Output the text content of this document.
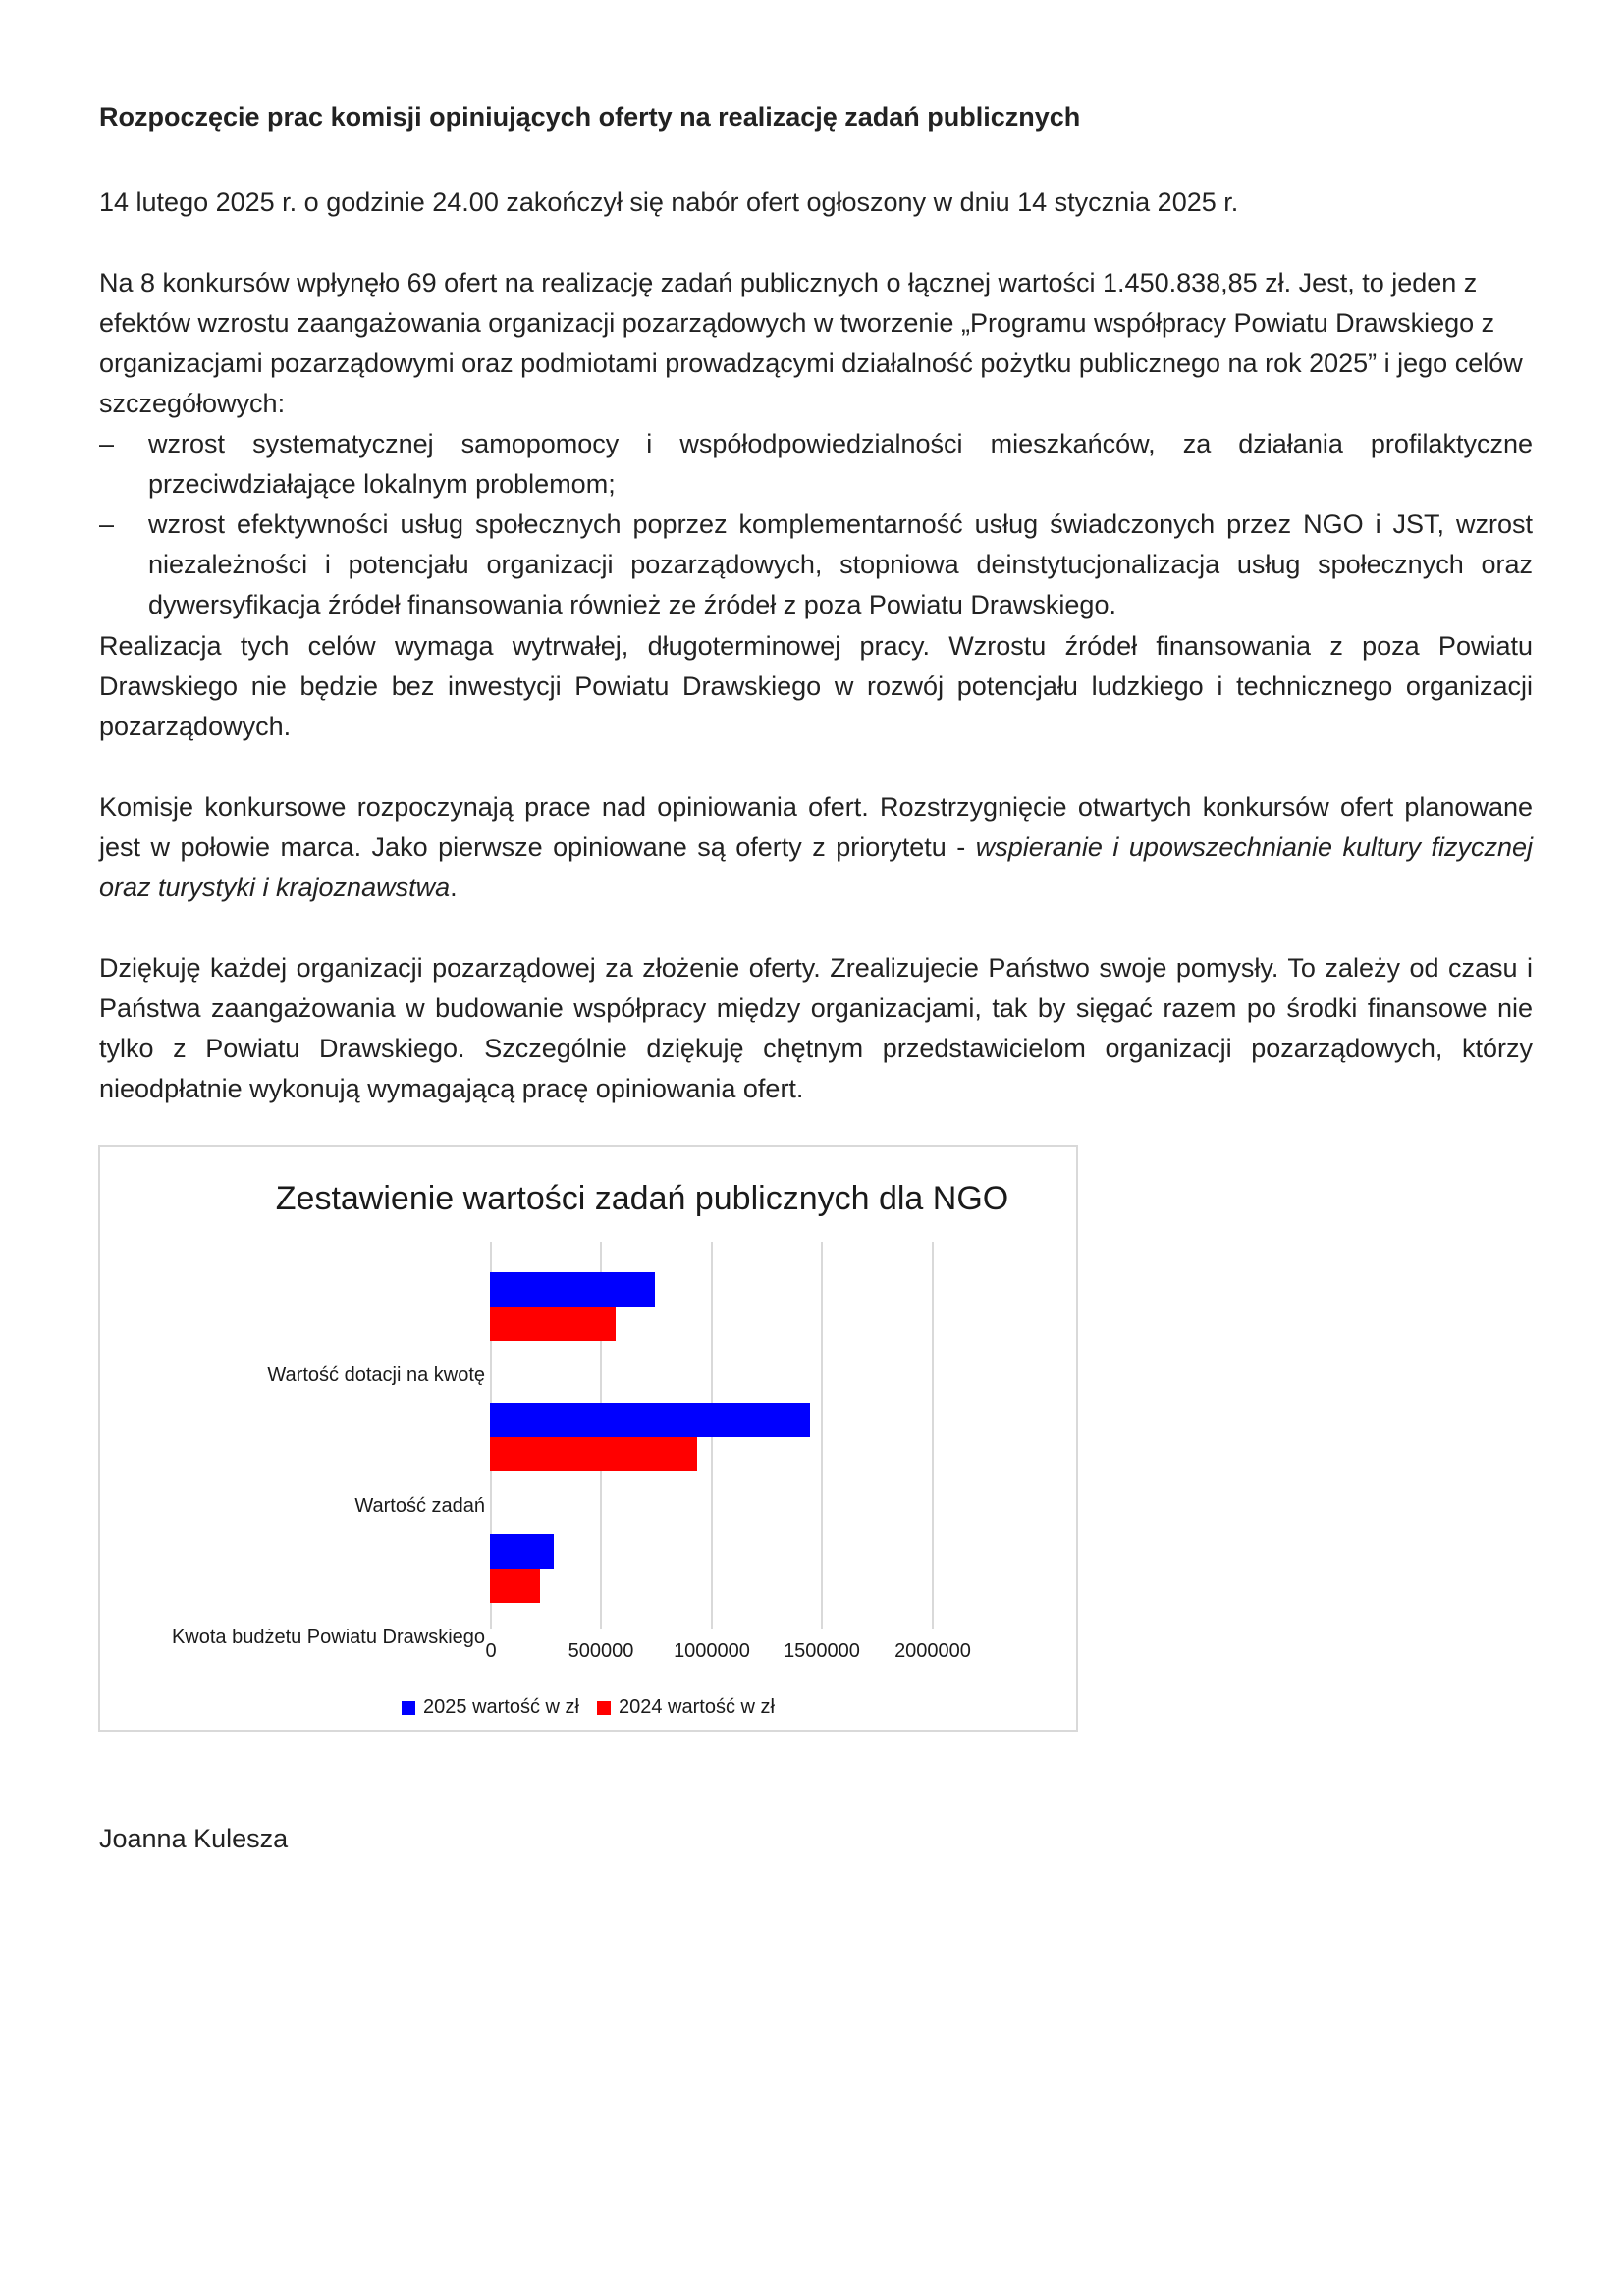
Rozpoczęcie prac komisji opiniujących oferty na realizację zadań publicznych
14 lutego 2025 r. o godzinie 24.00 zakończył się nabór ofert ogłoszony w dniu 14 stycznia 2025 r.
Na 8 konkursów wpłynęło 69 ofert na realizację zadań publicznych o łącznej wartości 1.450.838,85 zł. Jest, to jeden z efektów wzrostu zaangażowania organizacji pozarządowych w tworzenie „Programu współpracy Powiatu Drawskiego z organizacjami pozarządowymi oraz podmiotami prowadzącymi działalność pożytku publicznego na rok 2025” i jego celów szczegółowych:
– wzrost systematycznej samopomocy i współodpowiedzialności mieszkańców, za działania profilaktyczne przeciwdziałające lokalnym problemom;
– wzrost efektywności usług społecznych poprzez komplementarność usług świadczonych przez NGO i JST, wzrost niezależności i potencjału organizacji pozarządowych, stopniowa deinstytucjonalizacja usług społecznych oraz dywersyfikacja źródeł finansowania również ze źródeł z poza Powiatu Drawskiego.
Realizacja tych celów wymaga wytrwałej, długoterminowej pracy. Wzrostu źródeł finansowania z poza Powiatu Drawskiego nie będzie bez inwestycji Powiatu Drawskiego w rozwój potencjału ludzkiego i technicznego organizacji pozarządowych.
Komisje konkursowe rozpoczynają prace nad opiniowania ofert. Rozstrzygnięcie otwartych konkursów ofert planowane jest w połowie marca. Jako pierwsze opiniowane są oferty z priorytetu - wspieranie i upowszechnianie kultury fizycznej oraz turystyki i krajoznawstwa.
Dziękuję każdej organizacji pozarządowej za złożenie oferty. Zrealizujecie Państwo swoje pomysły. To zależy od czasu i Państwa zaangażowania w budowanie współpracy między organizacjami, tak by sięgać razem po środki finansowe nie tylko z Powiatu Drawskiego. Szczególnie dziękuję chętnym przedstawicielom organizacji pozarządowych, którzy nieodpłatnie wykonują wymagającą pracę opiniowania ofert.
Joanna Kulesza
Zestawienie wartości zadań publicznych dla NGO
Wartość dotacji na kwotę
Wartość zadań
Kwota budżetu Powiatu Drawskiego
0	500000 1000000 1500000 2000000
2025 wartość w zł 2024 wartość w zł
